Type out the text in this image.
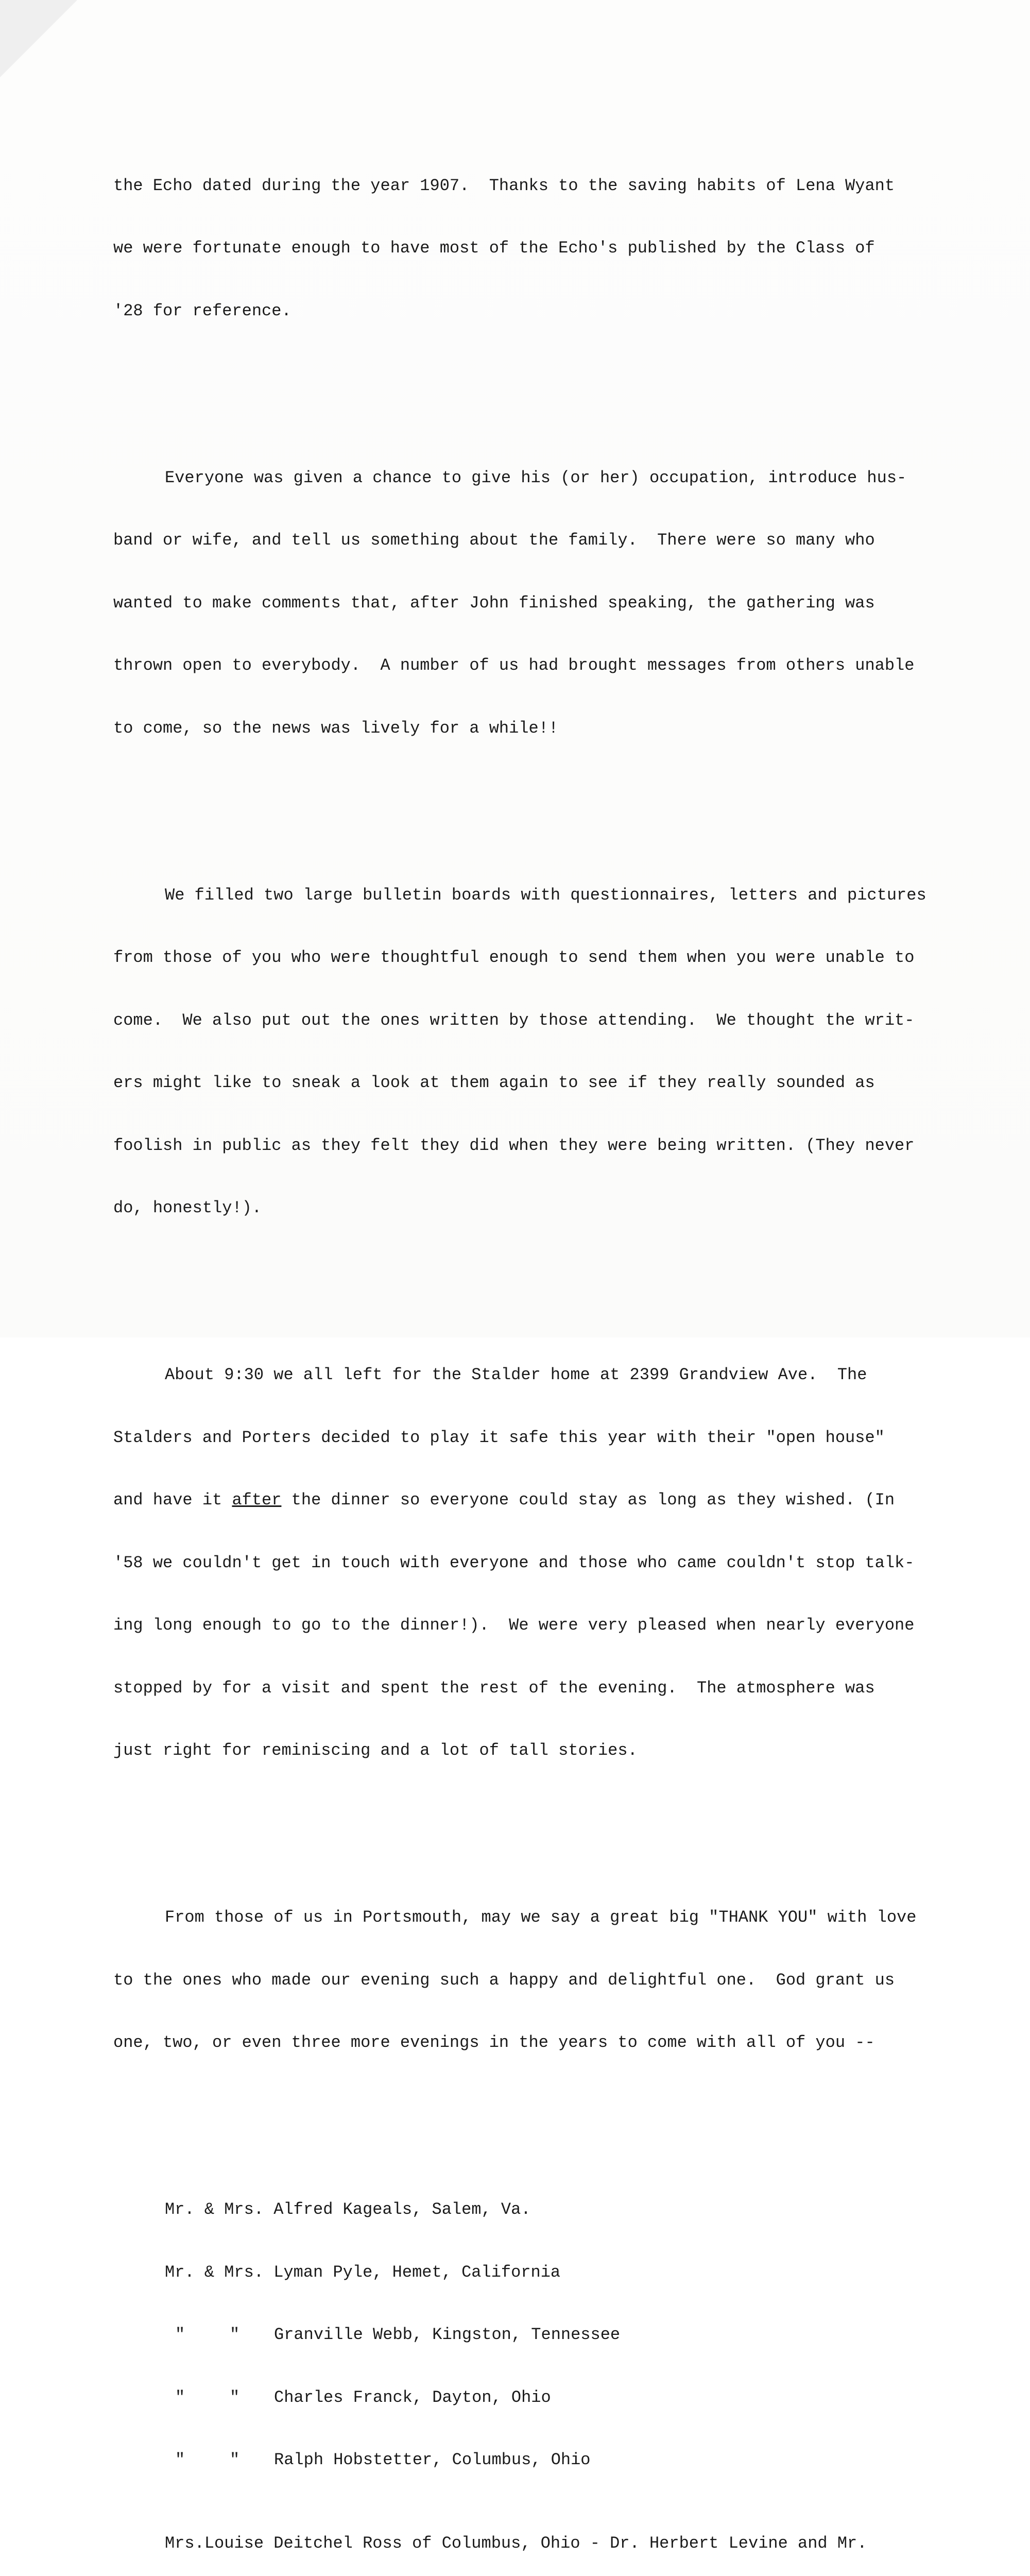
the Echo dated during the year 1907.  Thanks to the saving habits of Lena Wyant

we were fortunate enough to have most of the Echo's published by the Class of

'28 for reference.

Everyone was given a chance to give his (or her) occupation, introduce hus-

band or wife, and tell us something about the family.  There were so many who

wanted to make comments that, after John finished speaking, the gathering was

thrown open to everybody.  A number of us had brought messages from others unable

to come, so the news was lively for a while!!

We filled two large bulletin boards with questionnaires, letters and pictures

from those of you who were thoughtful enough to send them when you were unable to

come.  We also put out the ones written by those attending.  We thought the writ-

ers might like to sneak a look at them again to see if they really sounded as

foolish in public as they felt they did when they were being written. (They never

do, honestly!).

About 9:30 we all left for the Stalder home at 2399 Grandview Ave.  The

Stalders and Porters decided to play it safe this year with their "open house"

and have it after the dinner so everyone could stay as long as they wished. (In

'58 we couldn't get in touch with everyone and those who came couldn't stop talk-

ing long enough to go to the dinner!).  We were very pleased when nearly everyone

stopped by for a visit and spent the rest of the evening.  The atmosphere was

just right for reminiscing and a lot of tall stories.

From those of us in Portsmouth, may we say a great big "THANK YOU" with love

to the ones who made our evening such a happy and delightful one.  God grant us

one, two, or even three more evenings in the years to come with all of you --

Mr. & Mrs. Alfred Kageals, Salem, Va.

Mr. & Mrs. Lyman Pyle, Hemet, California

"	" Granville Webb, Kingston, Tennessee

"	" Charles Franck, Dayton, Ohio

"	" Ralph Hobstetter, Columbus, Ohio

Mrs.Louise Deitchel Ross of Columbus, Ohio - Dr. Herbert Levine and Mr.
